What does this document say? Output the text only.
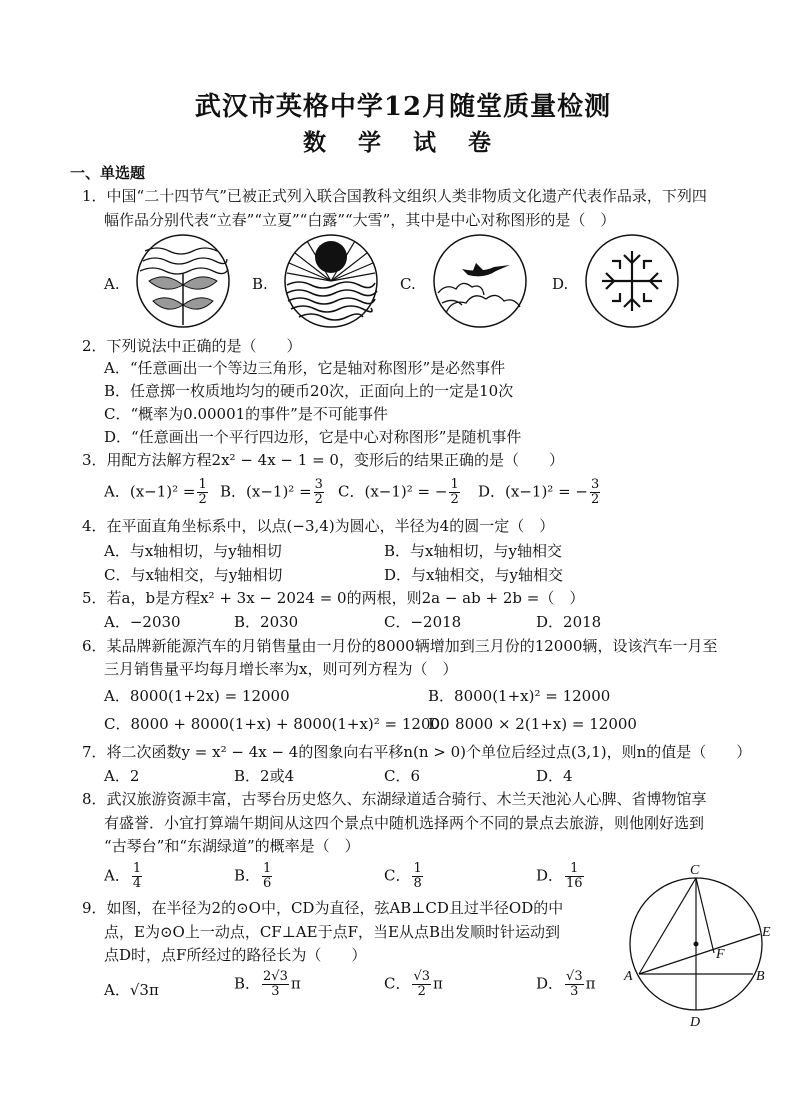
武汉市英格中学12月随堂质量检测
数 学 试 卷
一、单选题
1．中国“二十四节气”已被正式列入联合国教科文组织人类非物质文化遗产代表作品录，下列四
幅作品分别代表“立春”“立夏”“白露”“大雪”，其中是中心对称图形的是（　）
A.	B.	C.	D.
2．下列说法中正确的是（　　）
A．“任意画出一个等边三角形，它是轴对称图形”是必然事件
B．任意掷一枚质地均匀的硬币20次，正面向上的一定是10次
C．“概率为0.00001的事件”是不可能事件
D．“任意画出一个平行四边形，它是中心对称图形”是随机事件
3．用配方法解方程2x² − 4x − 1 = 0，变形后的结果正确的是（　　）
A．$(x-1)^2 = \frac{1}{2}$ B．$(x-1)^2 = \frac{3}{2}$ C．(x−1)² = − $\frac{1}{2}$ D．(x−1)² = − $\frac{3}{2}$
4．在平面直角坐标系中，以点(−3,4)为圆心，半径为4的圆一定（　）
A．与x轴相切，与y轴相切	B．与x轴相切，与y轴相交
C．与x轴相交，与y轴相切	D．与x轴相交，与y轴相交
5．若a，b是方程x² + 3x − 2024 = 0的两根，则2a − ab + 2b =（　）
A．−2030	B．2030	C．−2018	D．2018
6．某品牌新能源汽车的月销售量由一月份的8000辆增加到三月份的12000辆，设该汽车一月至
三月销售量平均每月增长率为x，则可列方程为（　）
A．8000(1+2x) = 12000	B．8000(1+x)² = 12000
C．8000 + 8000(1+x) + 8000(1+x)² = 12000
D．8000 × 2(1+x) = 12000
7．将二次函数y = x² − 4x − 4的图象向右平移n(n > 0)个单位后经过点(3,1)，则n的值是（　　）
A．2	B．2或4	C．6	D．4
8．武汉旅游资源丰富，古琴台历史悠久、东湖绿道适合骑行、木兰天池沁人心脾、省博物馆享
有盛誉．小宜打算端午期间从这四个景点中随机选择两个不同的景点去旅游，则他刚好选到
“古琴台”和“东湖绿道”的概率是（　）
A． $\frac{1}{4}$	B． $\frac{1}{6}$	C． $\frac{1}{8}$	D． $\frac{1}{16}$
9．如图，在半径为2的⊙O中，CD为直径，弦AB⊥CD且过半径OD的中
点，E为⊙O上一动点，CF⊥AE于点F，当E从点B出发顺时针运动到
点D时，点F所经过的路径长为（　　）
A．√3π	B． $\frac{2√3}{3}$ π	C． $\frac{√3}{2}$ π	D． $\frac{√3}{3}$ π
C
E
F
A	B
D
